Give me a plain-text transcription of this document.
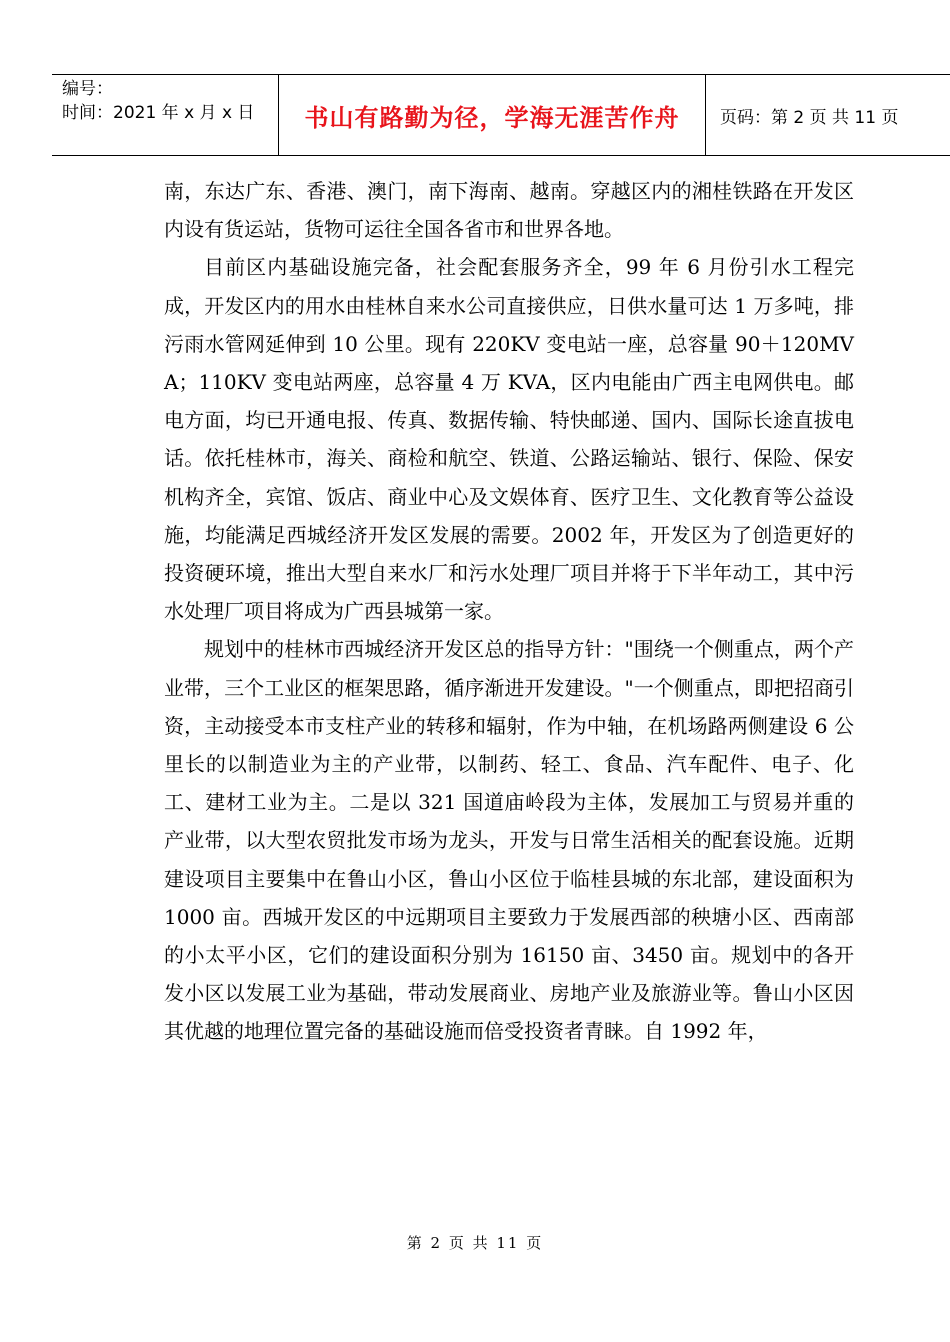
编号：
时间：2021 年 x 月 x 日	书山有路勤为径，学海无涯苦作舟 页码：第 2 页 共 11 页

南，东达广东、香港、澳门，南下海南、越南。穿越区内的湘桂铁路在开发区内设有货运站，货物可运往全国各省市和世界各地。

目前区内基础设施完备，社会配套服务齐全，99 年 6 月份引水工程完成，开发区内的用水由桂林自来水公司直接供应，日供水量可达 1 万多吨，排污雨水管网延伸到 10 公里。现有 220KV 变电站一座，总容量 90＋120MVA；110KV 变电站两座，总容量 4 万 KVA，区内电能由广西主电网供电。邮电方面，均已开通电报、传真、数据传输、特快邮递、国内、国际长途直拔电话。依托桂林市，海关、商检和航空、铁道、公路运输站、银行、保险、保安机构齐全，宾馆、饭店、商业中心及文娱体育、医疗卫生、文化教育等公益设施，均能满足西城经济开发区发展的需要。2002 年，开发区为了创造更好的投资硬环境，推出大型自来水厂和污水处理厂项目并将于下半年动工，其中污水处理厂项目将成为广西县城第一家。

规划中的桂林市西城经济开发区总的指导方针："围绕一个侧重点，两个产业带，三个工业区的框架思路，循序渐进开发建设。"一个侧重点，即把招商引资，主动接受本市支柱产业的转移和辐射，作为中轴，在机场路两侧建设 6 公里长的以制造业为主的产业带，以制药、轻工、食品、汽车配件、电子、化工、建材工业为主。二是以 321 国道庙岭段为主体，发展加工与贸易并重的产业带，以大型农贸批发市场为龙头，开发与日常生活相关的配套设施。近期建设项目主要集中在鲁山小区，鲁山小区位于临桂县城的东北部，建设面积为 1000 亩。西城开发区的中远期项目主要致力于发展西部的秧塘小区、西南部的小太平小区，它们的建设面积分别为 16150 亩、3450 亩。规划中的各开发小区以发展工业为基础，带动发展商业、房地产业及旅游业等。鲁山小区因其优越的地理位置完备的基础设施而倍受投资者青睐。自 1992 年，

第 2 页 共 11 页
